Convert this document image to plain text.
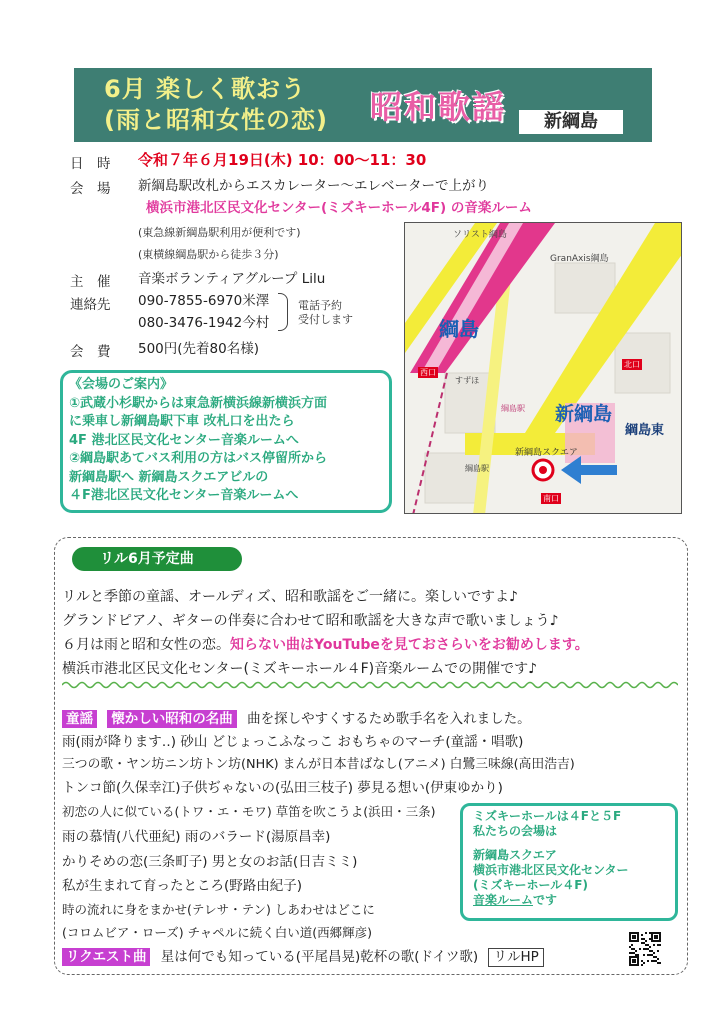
6月 楽しく歌おう
(雨と昭和女性の恋) 昭和歌謡	新綱島
日　時 令和７年６月19日(木) 10：00～11：30
会　場 新綱島駅改札からエスカレーター～エレベーターで上がり
横浜市港北区民文化センター(ミズキーホール4F) の音楽ルーム
(東急線新綱島駅利用が便利です)
(東横線綱島駅から徒歩３分)
主　催 音楽ボランティアグループ Lilu
連絡先 090-7855-6970米澤
080-3476-1942今村
電話予約
受付します
会　費 500円(先着80名様)
《会場のご案内》
①武蔵小杉駅からは東急新横浜線新横浜方面
に乗車し新綱島駅下車 改札口を出たら
4F 港北区民文化センター音楽ルームへ
②綱島駅あてバス利用の方はバス停留所から
新綱島駅へ 新綱島スクエアビルの
４F港北区民文化センター音楽ルームへ
ソリスト綱島
GranAxis綱島
綱島
新綱島
綱島東
新綱島スクエア
北口
西口
南口
綱島駅
綱島駅
すずほ
リル6月予定曲
リルと季節の童謡、オールディズ、昭和歌謡をご一緒に。楽しいですよ♪
グランドピアノ、ギターの伴奏に合わせて昭和歌謡を大きな声で歌いましょう♪
６月は雨と昭和女性の恋。知らない曲はYouTubeを見ておさらいをお勧めします。
横浜市港北区民文化センター(ミズキーホール４F)音楽ルームでの開催です♪
童謡 懐かしい昭和の名曲 曲を探しやすくするため歌手名を入れました。
雨(雨が降ります‥) 砂山 どじょっこふなっこ おもちゃのマーチ(童謡・唱歌)
三つの歌・ヤン坊ニン坊トン坊(NHK) まんが日本昔ばなし(アニメ) 白鷺三味線(高田浩吉)
トンコ節(久保幸江)子供ぢゃないの(弘田三枝子) 夢見る想い(伊東ゆかり)
初恋の人に似ている(トワ・エ・モワ) 草笛を吹こうよ(浜田・三条)
雨の慕情(八代亜紀) 雨のバラード(湯原昌幸)
かりそめの恋(三条町子) 男と女のお話(日吉ミミ)
私が生まれて育ったところ(野路由紀子)
時の流れに身をまかせ(テレサ・テン) しあわせはどこに
(コロムビア・ローズ) チャペルに続く白い道(西郷輝彦)
リクエスト曲 星は何でも知っている(平尾昌晃)乾杯の歌(ドイツ歌) リルHP
ミズキーホールは４Fと５F
私たちの会場は
新綱島スクエア
横浜市港北区民文化センター
(ミズキーホール４F)
音楽ルームです
